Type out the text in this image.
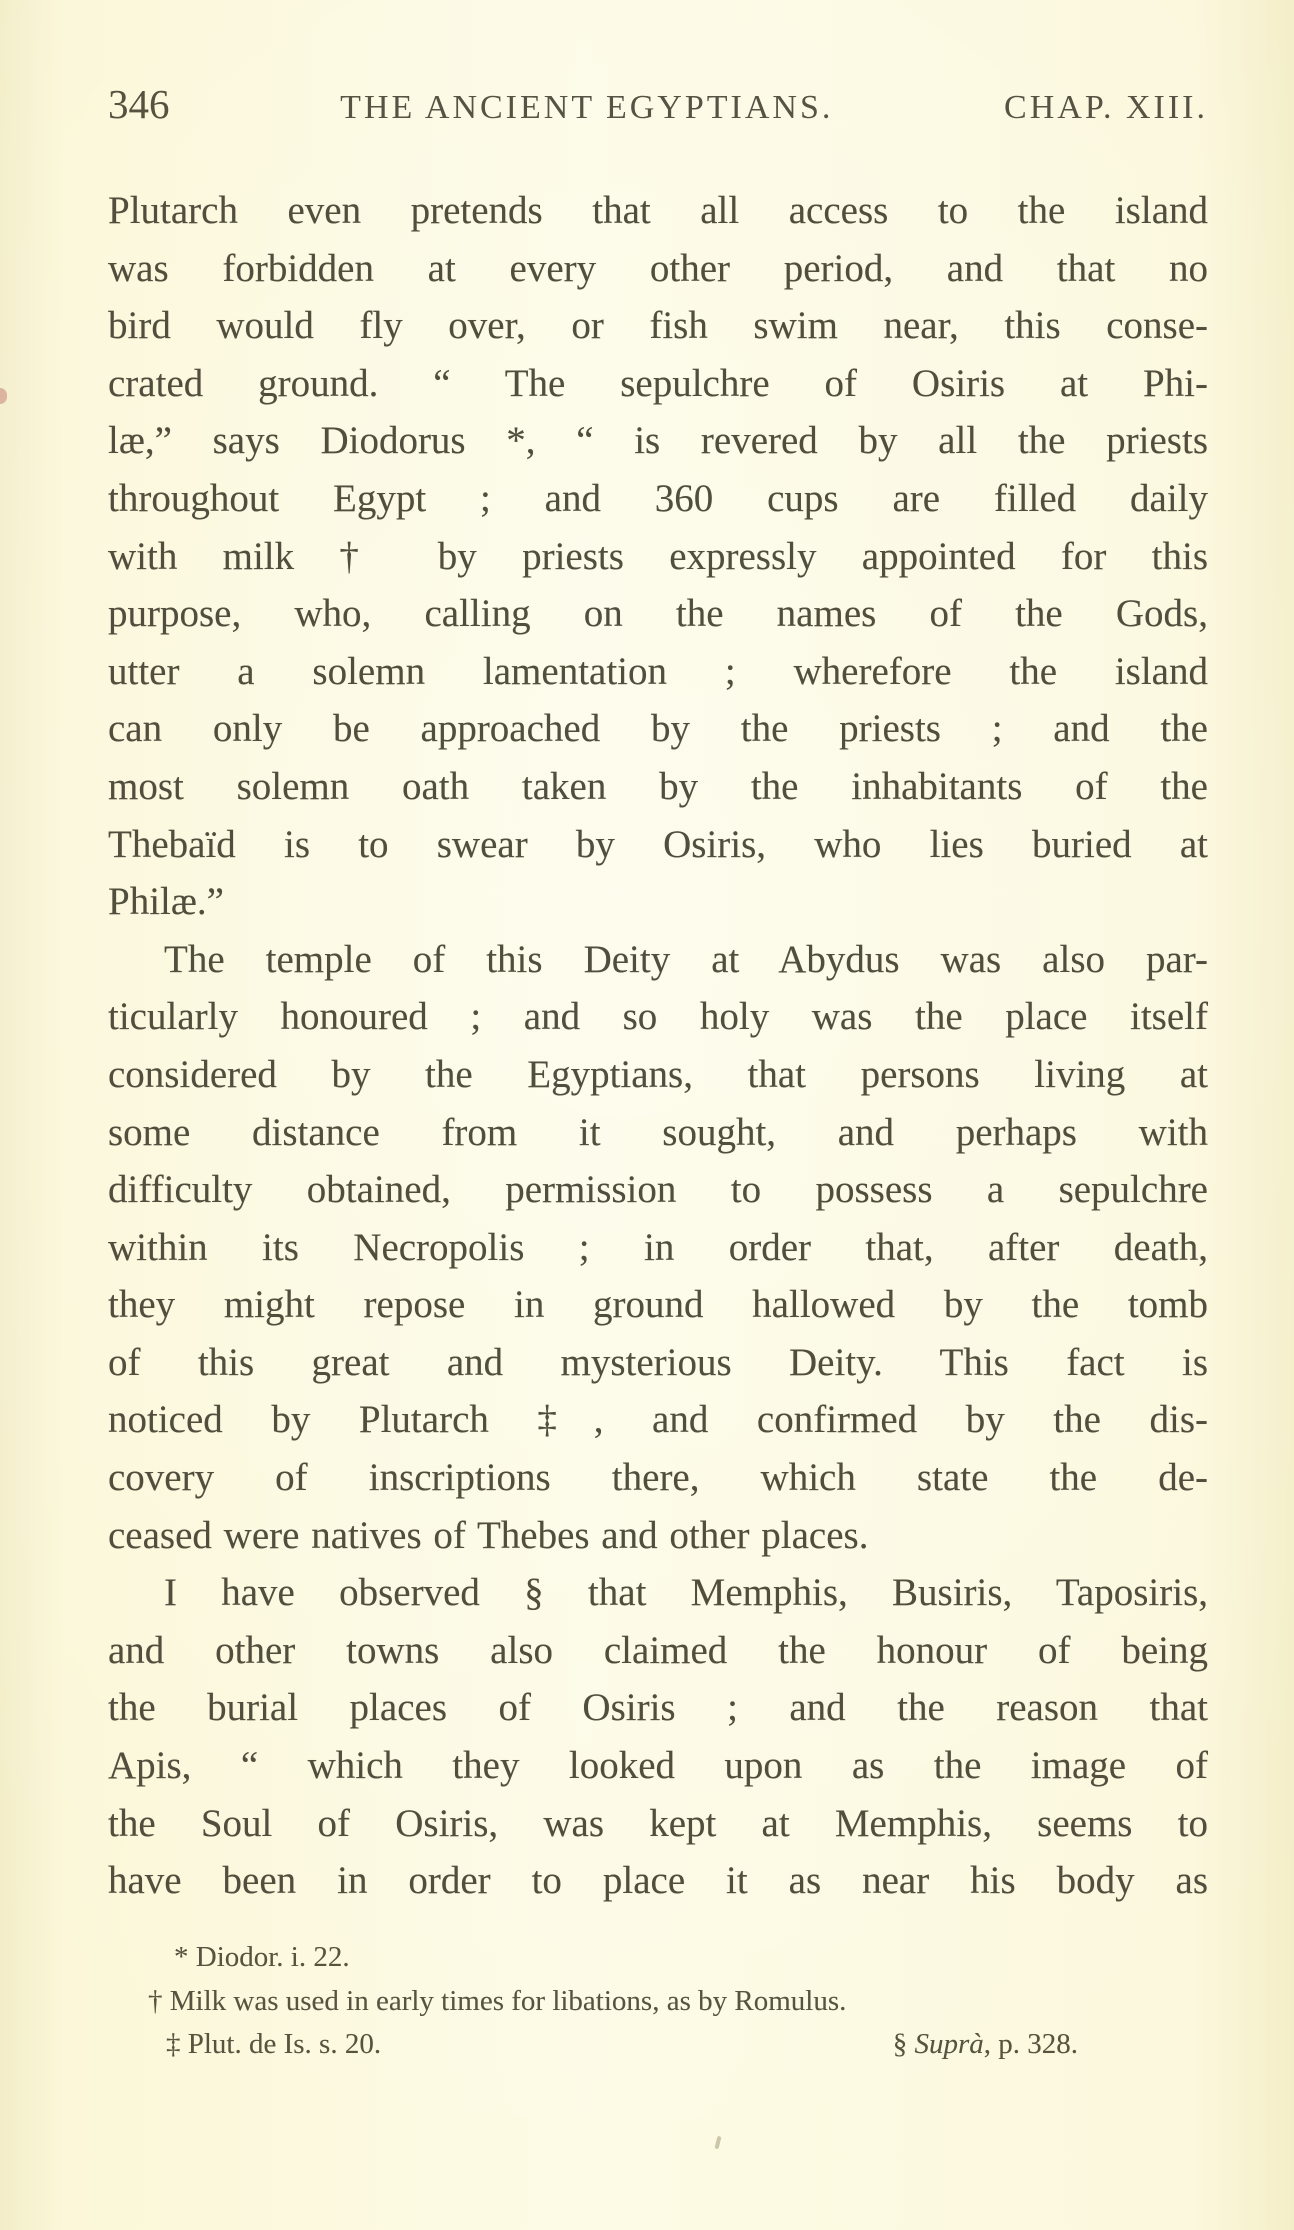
346	THE ANCIENT EGYPTIANS.	CHAP. XIII.
Plutarch even pretends that all access to the island
was forbidden at every other period, and that no
bird would fly over, or fish swim near, this conse-
crated ground. “ The sepulchre of Osiris at Phi-
læ,” says Diodorus *, “ is revered by all the priests
throughout Egypt ; and 360 cups are filled daily
with milk † by priests expressly appointed for this
purpose, who, calling on the names of the Gods,
utter a solemn lamentation ; wherefore the island
can only be approached by the priests ; and the
most solemn oath taken by the inhabitants of the
Thebaïd is to swear by Osiris, who lies buried at
Philæ.”
The temple of this Deity at Abydus was also par-
ticularly honoured ; and so holy was the place itself
considered by the Egyptians, that persons living at
some distance from it sought, and perhaps with
difficulty obtained, permission to possess a sepulchre
within its Necropolis ; in order that, after death,
they might repose in ground hallowed by the tomb
of this great and mysterious Deity. This fact is
noticed by Plutarch ‡, and confirmed by the dis-
covery of inscriptions there, which state the de-
ceased were natives of Thebes and other places.
I have observed § that Memphis, Busiris, Taposiris,
and other towns also claimed the honour of being
the burial places of Osiris ; and the reason that
Apis, “ which they looked upon as the image of
the Soul of Osiris, was kept at Memphis, seems to
have been in order to place it as near his body as
* Diodor. i. 22.
† Milk was used in early times for libations, as by Romulus.
‡ Plut. de Is. s. 20.	§ Suprà, p. 328.
